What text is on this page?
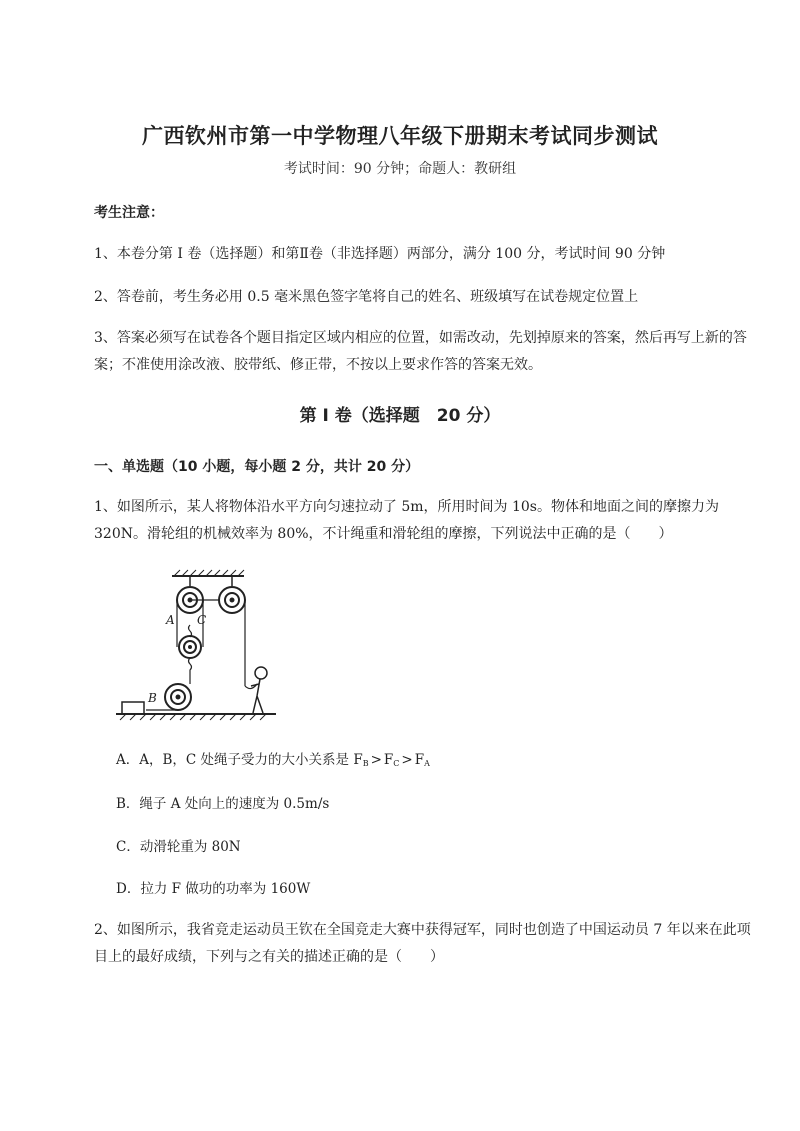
广西钦州市第一中学物理八年级下册期末考试同步测试
考试时间：90 分钟；命题人：教研组
考生注意：
1、本卷分第 I 卷（选择题）和第Ⅱ卷（非选择题）两部分，满分 100 分，考试时间 90 分钟
2、答卷前，考生务必用 0.5 毫米黑色签字笔将自己的姓名、班级填写在试卷规定位置上
3、答案必须写在试卷各个题目指定区域内相应的位置，如需改动，先划掉原来的答案，然后再写上新的答案；不准使用涂改液、胶带纸、修正带，不按以上要求作答的答案无效。
第 I 卷（选择题　20 分）
一、单选题（10 小题，每小题 2 分，共计 20 分）
1、如图所示，某人将物体沿水平方向匀速拉动了 5m，所用时间为 10s。物体和地面之间的摩擦力为 320N。滑轮组的机械效率为 80%，不计绳重和滑轮组的摩擦，下列说法中正确的是（　　）
A C
B
A．A，B，C 处绳子受力的大小关系是 $F_B > F_C > F_A$
B．绳子 A 处向上的速度为 0.5m/s
C．动滑轮重为 80N
D．拉力 F 做功的功率为 160W
2、如图所示，我省竞走运动员王钦在全国竞走大赛中获得冠军，同时也创造了中国运动员 7 年以来在此项目上的最好成绩，下列与之有关的描述正确的是（　　）
